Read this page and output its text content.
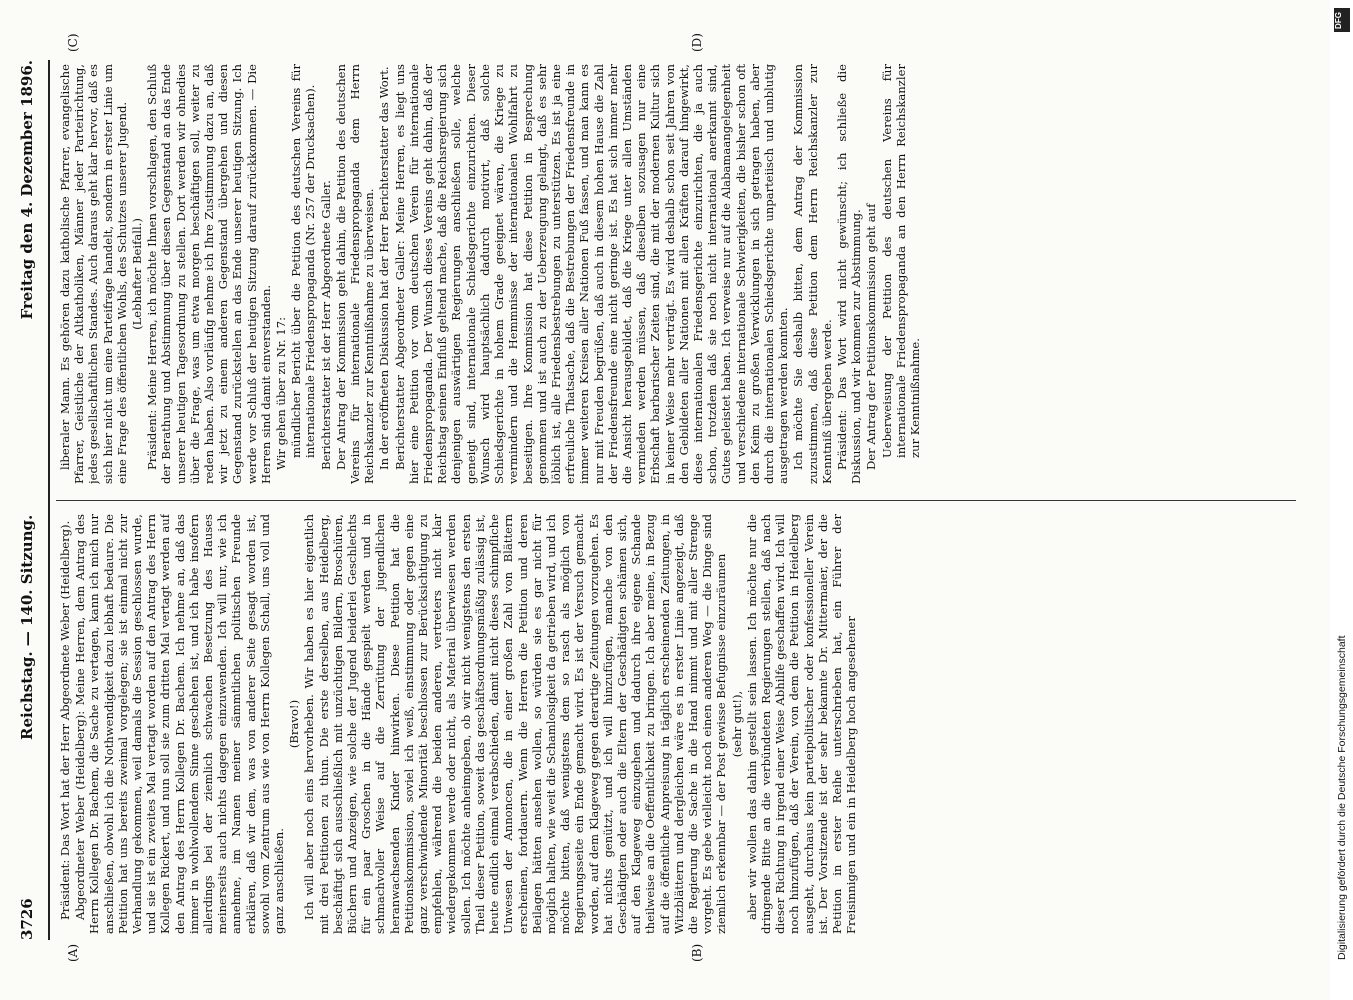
3726
Reichstag. — 140. Sitzung.
Freitag den 4. Dezember 1896.
(A)	(B)
(C)	(D)

Präsident: Das Wort hat der Herr Abgeordnete Weber (Heidelberg). Abgeordneter Weber (Heidelberg): Meine Herren, dem Antrag des Herrn Kollegen Dr. Bachem, die Sache zu vertagen, kann ich mich nur anschließen, obwohl ich die Nothwendigkeit dazu lebhaft bedaure. Die Petition hat uns bereits zweimal vorgelegen; sie ist einmal nicht zur Verhandlung gekommen, weil damals die Session geschlossen wurde, und sie ist ein zweites Mal vertagt worden auf den Antrag des Herrn Kollegen Rickert, und nun soll sie zum dritten Mal vertagt werden auf den Antrag des Herrn Kollegen Dr. Bachem. Ich nehme an, daß das immer in wohlwollendem Sinne geschehen ist, und ich habe insofern allerdings bei der ziemlich schwachen Besetzung des Hauses meinerseits auch nichts dagegen einzuwenden. Ich will nur, wie ich annehme, im Namen meiner sämmtlichen politischen Freunde erklären, daß wir dem, was von anderer Seite gesagt worden ist, sowohl vom Zentrum aus wie von Herrn Kollegen Schall, uns voll und ganz anschließen.

(Bravo!) Ich will aber noch eins hervorheben. Wir haben es hier eigentlich mit drei Petitionen zu thun. Die erste derselben, aus Heidelberg, beschäftigt sich ausschließlich mit unzüchtigen Bildern, Broschüren, Büchern und Anzeigen, wie solche der Jugend beiderlei Geschlechts für ein paar Groschen in die Hände gespielt werden und in schmachvoller Weise auf die Zerrüttung der jugendlichen heranwachsenden Kinder hinwirken. Diese Petition hat die Petitionskommission, soviel ich weiß, einstimmung oder gegen eine ganz verschwindende Minorität beschlossen zur Berücksichtigung zu empfehlen, während die beiden anderen, vertreters nicht klar wiedergekommen werde oder nicht, als Material überwiesen werden sollen. Ich möchte anheimgeben, ob wir nicht wenigstens den ersten Theil dieser Petition, soweit das geschäftsordnungsmäßig zulässig ist, heute endlich einmal verabschieden, damit nicht dieses schimpfliche Unwesen der Annoncen, die in einer großen Zahl von Blättern erscheinen, fortdauern. Wenn die Herren die Petition und deren Beilagen hätten ansehen wollen, so würden sie es gar nicht für möglich halten, wie weit die Schamlosigkeit da getrieben wird, und ich möchte bitten, daß wenigstens dem so rasch als möglich von Regierungsseite ein Ende gemacht wird. Es ist der Versuch gemacht worden, auf dem Klageweg gegen derartige Zeitungen vorzugehen. Es hat nichts genützt, und ich will hinzufügen, manche von den Geschädigten oder auch die Eltern der Geschädigten schämen sich, auf den Klageweg einzugehen und dadurch ihre eigene Schande theilweise an die Oeffentlichkeit zu bringen. Ich aber meine, in Bezug auf die öffentliche Anpreisung in täglich erscheinenden Zeitungen, in Witzblättern und dergleichen wäre es in erster Linie angezeigt, daß die Regierung die Sache in die Hand nimmt und mit aller Strenge vorgeht. Es gebe vielleicht noch einen anderen Weg — die Dinge sind ziemlich erkennbar — der Post gewisse Befugnisse einzuräumen (sehr gut!), aber wir wollen das dahin gestellt sein lassen. Ich möchte nur die dringende Bitte an die verbündeten Regierungen stellen, daß nach dieser Richtung in irgend einer Weise Abhilfe geschaffen wird. Ich will noch hinzufügen, daß der Verein, von dem die Petition in Heidelberg ausgeht, durchaus kein parteipolitischer oder konfessioneller Verein ist. Der Vorsitzende ist der sehr bekannte Dr. Mittermaier, der die Petition in erster Reihe unterschrieben hat, ein Führer der Freisinnigen und ein in Heidelberg hoch angesehener

liberaler Mann. Es gehören dazu katholische Pfarrer, evangelische Pfarrer, Geistliche der Altkatholiken, Männer jeder Parteirichtung, jedes gesellschaftlichen Standes. Auch daraus geht klar hervor, daß es sich hier nicht um eine Parteifrage handelt, sondern in erster Linie um eine Frage des öffentlichen Wohls, des Schutzes unserer Jugend. (Lebhafter Beifall.) Präsident: Meine Herren, ich möchte Ihnen vorschlagen, den Schluß der Berathung und Abstimmung über diesen Gegenstand an das Ende unserer heutigen Tagesordnung zu stellen. Dort werden wir ohnedies über die Frage, was um etwa morgen beschäftigen soll, weiter zu reden haben. Also vorläufig nehme ich Ihre Zustimmung dazu an, daß wir jetzt zu einem anderen Gegenstand übergehen und diesen Gegenstand zurückstellen an das Ende unserer heutigen Sitzung. Ich werde vor Schluß der heutigen Sitzung darauf zurückkommen. — Die Herren sind damit einverstanden. Wir gehen über zu Nr. 17: mündlicher Bericht über die Petition des deutschen Vereins für internationale Friedenspropaganda (Nr. 257 der Drucksachen). Berichterstatter ist der Herr Abgeordnete Galler. Der Antrag der Kommission geht dahin, die Petition des deutschen Vereins für internationale Friedenspropaganda dem Herrn Reichskanzler zur Kenntnißnahme zu überweisen. In der eröffneten Diskussion hat der Herr Berichterstatter das Wort. Berichterstatter Abgeordneter Galler: Meine Herren, es liegt uns hier eine Petition vor vom deutschen Verein für internationale Friedenspropaganda. Der Wunsch dieses Vereins geht dahin, daß der Reichstag seinen Einfluß geltend mache, daß die Reichsregierung sich denjenigen auswärtigen Regierungen anschließen solle, welche geneigt sind, internationale Schiedsgerichte einzurichten. Dieser Wunsch wird hauptsächlich dadurch motivirt, daß solche Schiedsgerichte in hohem Grade geeignet wären, die Kriege zu vermindern und die Hemmnisse der internationalen Wohlfahrt zu beseitigen. Ihre Kommission hat diese Petition in Besprechung genommen und ist auch zu der Ueberzeugung gelangt, daß es sehr löblich ist, alle Friedensbestrebungen zu unterstützen. Es ist ja eine erfreuliche Thatsache, daß die Bestrebungen der Friedensfreunde in immer weiteren Kreisen aller Nationen Fuß fassen, und man kann es nur mit Freuden begrüßen, daß auch in diesem hohen Hause die Zahl der Friedensfreunde eine nicht geringe ist. Es hat sich immer mehr die Ansicht herausgebildet, daß die Kriege unter allen Umständen vermieden werden müssen, daß dieselben sozusagen nur eine Erbschaft barbarischer Zeiten sind, die mit der modernen Kultur sich in keiner Weise mehr verträgt. Es wird deshalb schon seit Jahren von den Gebildeten aller Nationen mit allen Kräften darauf hingewirkt, diese internationalen Friedensgerichte einzurichten, die ja auch schon, trotzdem daß sie noch nicht international anerkannt sind, Gutes geleistet haben. Ich verweise nur auf die Alabamaangelegenheit und verschiedene internationale Schwierigkeiten, die bisher schon oft den Keim zu großen Verwicklungen in sich getragen haben, aber durch die internationalen Schiedsgerichte unparteiisch und unblutig ausgetragen werden konnten. Ich möchte Sie deshalb bitten, dem Antrag der Kommission zuzustimmen, daß diese Petition dem Herrn Reichskanzler zur Kenntniß übergeben werde. Präsident: Das Wort wird nicht gewünscht; ich schließe die Diskussion, und wir kommen zur Abstimmung. Der Antrag der Petitionskommission geht auf Ueberweisung der Petition des deutschen Vereins für internationale Friedenspropaganda an den Herrn Reichskanzler zur Kenntnißnahme.

Digitalisierung gefördert durch die Deutsche Forschungsgemeinschaft
DFG
